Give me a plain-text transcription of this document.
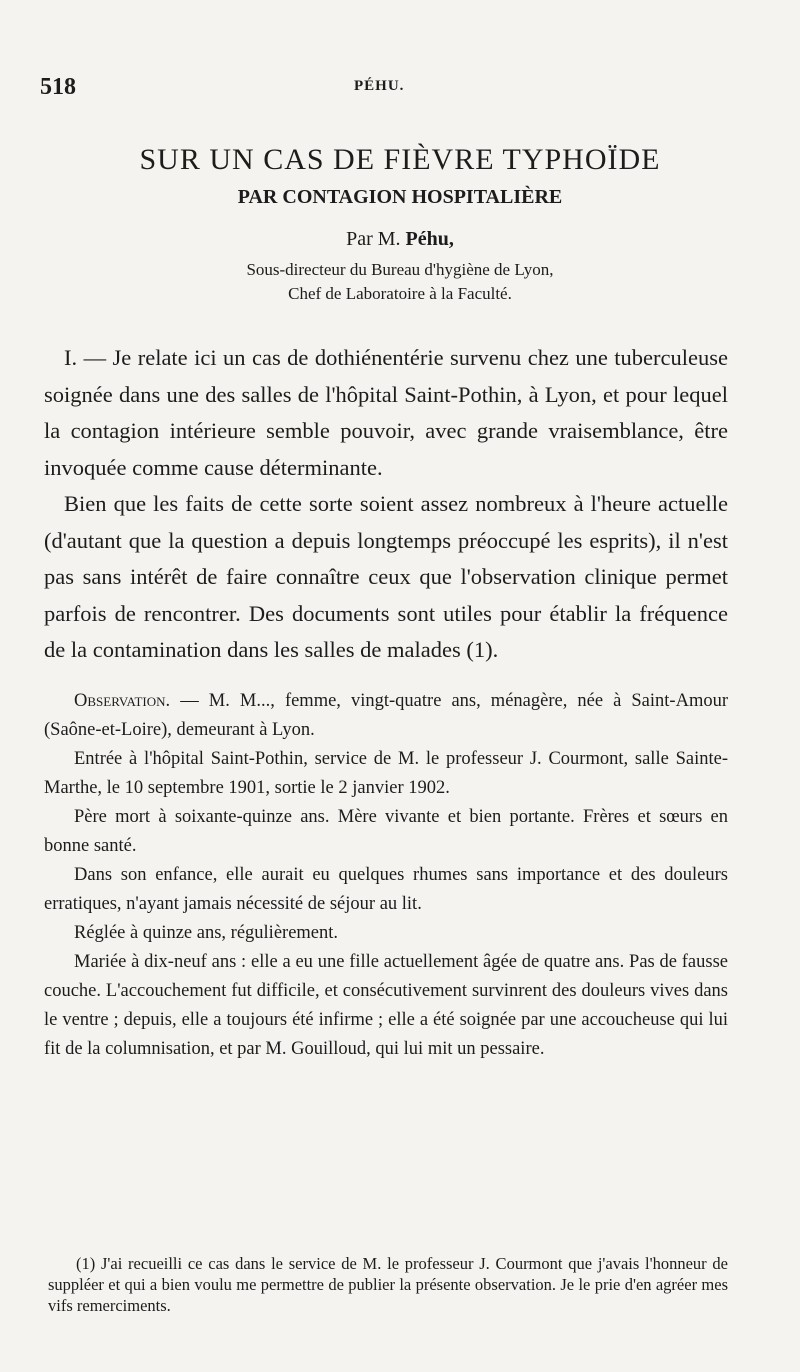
518	PÉHU.
SUR UN CAS DE FIÈVRE TYPHOÏDE
PAR CONTAGION HOSPITALIÈRE

Par M. Péhu,

Sous-directeur du Bureau d'hygiène de Lyon,
Chef de Laboratoire à la Faculté.

I. — Je relate ici un cas de dothiénentérie survenu chez une tuberculeuse soignée dans une des salles de l'hôpital Saint-Pothin, à Lyon, et pour lequel la contagion intérieure semble pouvoir, avec grande vraisemblance, être invoquée comme cause déterminante.

Bien que les faits de cette sorte soient assez nombreux à l'heure actuelle (d'autant que la question a depuis longtemps préoccupé les esprits), il n'est pas sans intérêt de faire connaître ceux que l'observation clinique permet parfois de rencontrer. Des documents sont utiles pour établir la fréquence de la contamination dans les salles de malades (1).

Observation. — M. M..., femme, vingt-quatre ans, ménagère, née à Saint-Amour (Saône-et-Loire), demeurant à Lyon.

Entrée à l'hôpital Saint-Pothin, service de M. le professeur J. Courmont, salle Sainte-Marthe, le 10 septembre 1901, sortie le 2 janvier 1902.

Père mort à soixante-quinze ans. Mère vivante et bien portante. Frères et sœurs en bonne santé.

Dans son enfance, elle aurait eu quelques rhumes sans importance et des douleurs erratiques, n'ayant jamais nécessité de séjour au lit.

Réglée à quinze ans, régulièrement.

Mariée à dix-neuf ans : elle a eu une fille actuellement âgée de quatre ans. Pas de fausse couche. L'accouchement fut difficile, et consécutivement survinrent des douleurs vives dans le ventre ; depuis, elle a toujours été infirme ; elle a été soignée par une accoucheuse qui lui fit de la columnisation, et par M. Gouilloud, qui lui mit un pessaire.

(1) J'ai recueilli ce cas dans le service de M. le professeur J. Courmont que j'avais l'honneur de suppléer et qui a bien voulu me permettre de publier la présente observation. Je le prie d'en agréer mes vifs remerciments.
